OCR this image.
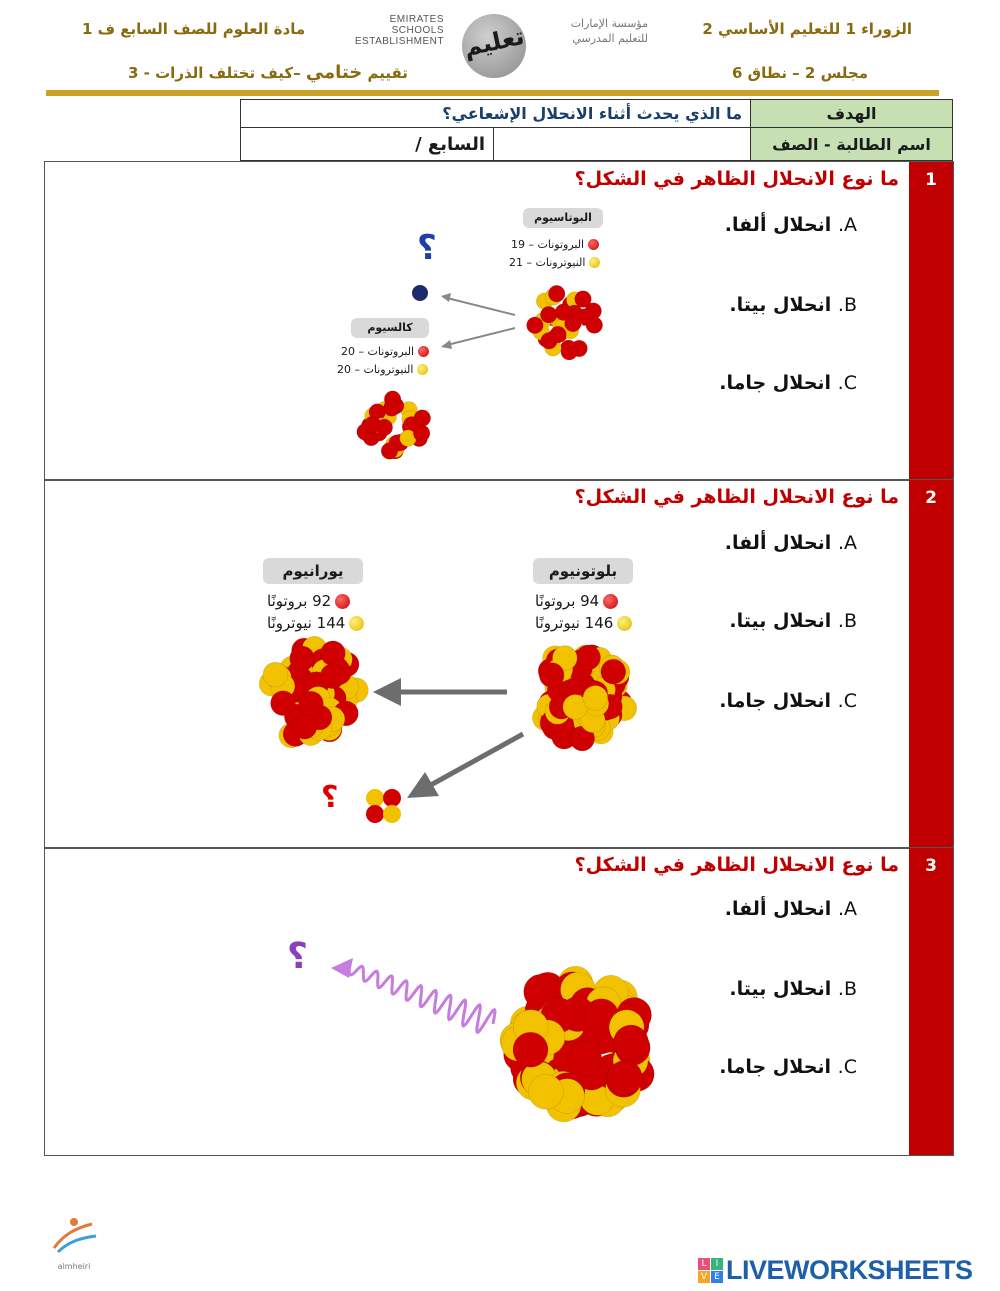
الزوراء 1 للتعليم الأساسي 2
مجلس 2 – نطاق 6
مادة العلوم للصف السابع ف 1
تقييم ختامي –كيف تختلف الذرات - 3
EMIRATES SCHOOLS
ESTABLISHMENT تعليم	مؤسسة الإمارات
للتعليم المدرسي
الهدف	ما الذي يحدث أثناء الانحلال الإشعاعي؟	
اسم الطالبة - الصف		السابع /
1
ما نوع الانحلال الظاهر في الشكل؟
A. انحلال ألفا.
B. انحلال بيتا.
C. انحلال جاما.
البوتاسيوم
البروتونات – 19
النيوترونات – 21
كالسيوم
البروتونات – 20
النيوترونات – 20
؟
2
ما نوع الانحلال الظاهر في الشكل؟
A. انحلال ألفا.
B. انحلال بيتا.
C. انحلال جاما.
بلوتونيوم
94 بروتونًا
146 نيوترونًا
يورانيوم
92 بروتونًا
144 نيوترونًا
؟
3
ما نوع الانحلال الظاهر في الشكل؟
A. انحلال ألفا.
B. انحلال بيتا.
C. انحلال جاما.
؟
almheiri	L	I
V E LIVEWORKSHEETS
